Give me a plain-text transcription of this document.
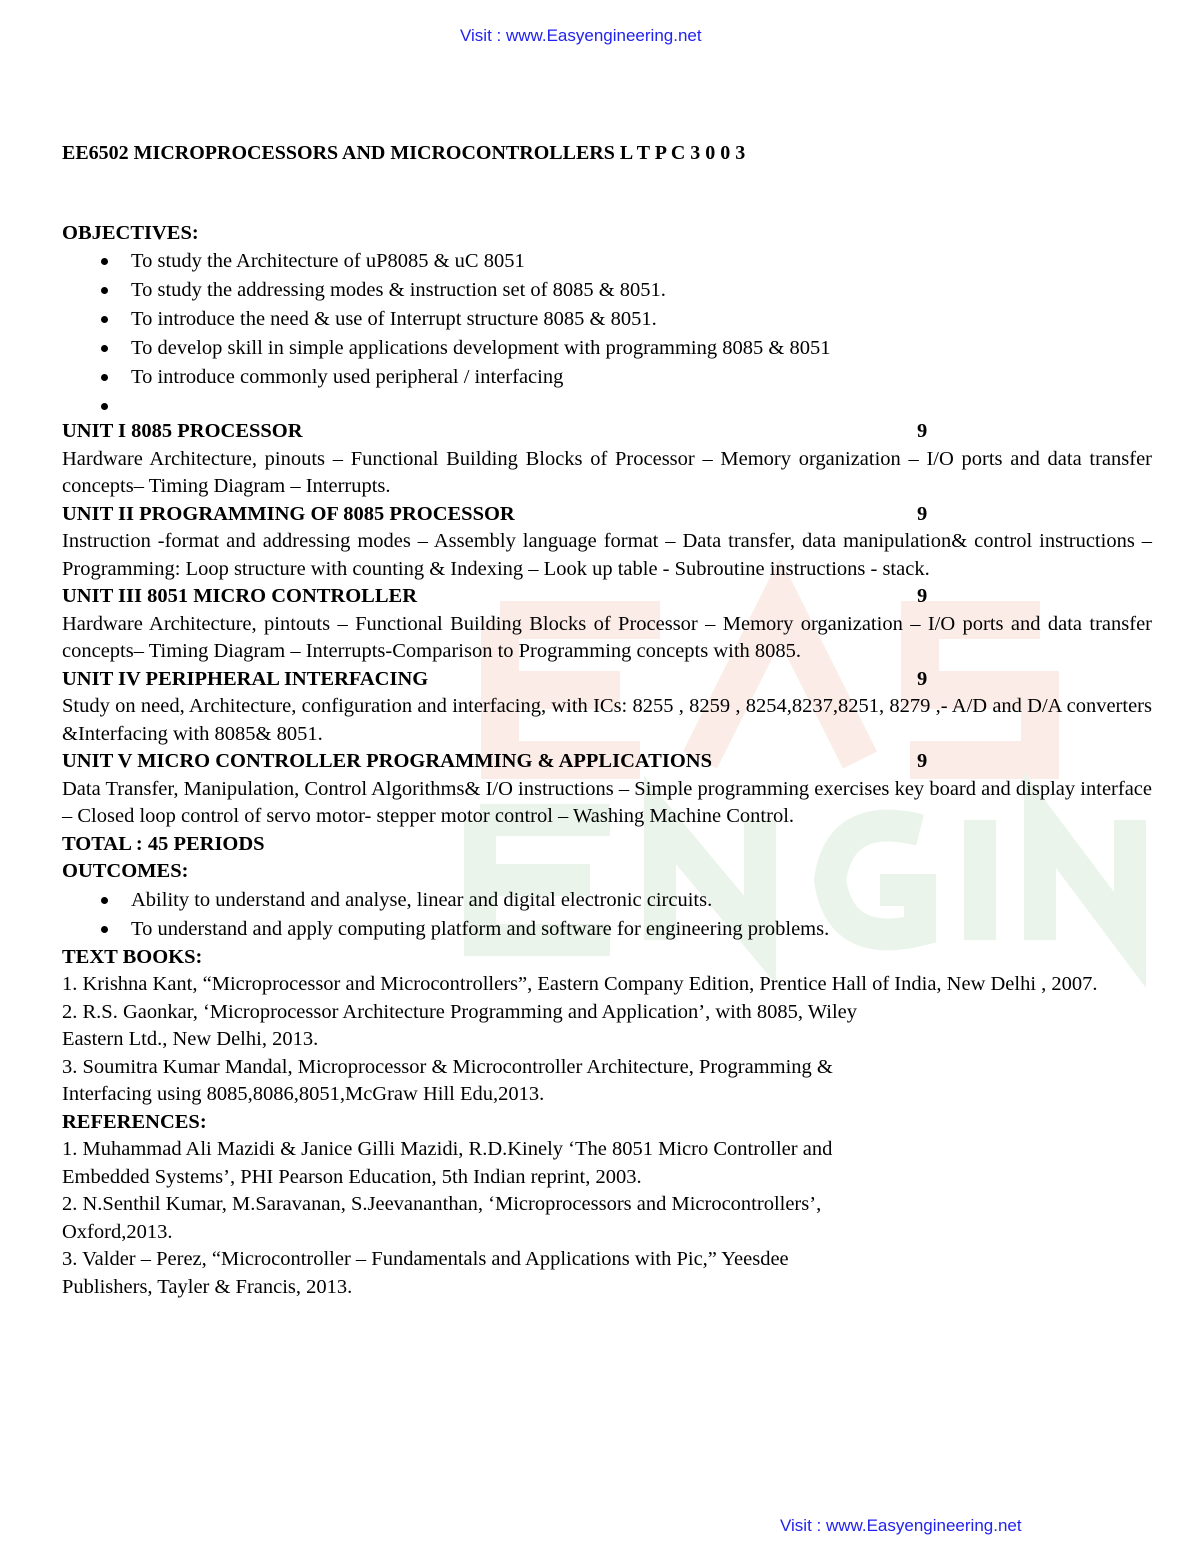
Visit : www.Easyengineering.net

EE6502 MICROPROCESSORS AND MICROCONTROLLERS L T P C 3 0 0 3

OBJECTIVES:

To study the Architecture of uP8085 & uC 8051
To study the addressing modes & instruction set of 8085 & 8051.
To introduce the need & use of Interrupt structure 8085 & 8051.
To develop skill in simple applications development with programming 8085 & 8051
To introduce commonly used peripheral / interfacing
UNIT I 8085 PROCESSOR	9

Hardware Architecture, pinouts – Functional Building Blocks of Processor – Memory organization – I/O ports and data transfer concepts– Timing Diagram – Interrupts.

UNIT II PROGRAMMING OF 8085 PROCESSOR	9

Instruction -format and addressing modes – Assembly language format – Data transfer, data manipulation& control instructions – Programming: Loop structure with counting & Indexing – Look up table - Subroutine instructions - stack.

UNIT III 8051 MICRO CONTROLLER	9

Hardware Architecture, pintouts – Functional Building Blocks of Processor – Memory organization – I/O ports and data transfer concepts– Timing Diagram – Interrupts-Comparison to Programming concepts with 8085.

UNIT IV PERIPHERAL INTERFACING	9

Study on need, Architecture, configuration and interfacing, with ICs: 8255 , 8259 , 8254,8237,8251, 8279 ,- A/D and D/A converters &Interfacing with 8085& 8051.

UNIT V MICRO CONTROLLER PROGRAMMING & APPLICATIONS	9

Data Transfer, Manipulation, Control Algorithms& I/O instructions – Simple programming exercises key board and display interface – Closed loop control of servo motor- stepper motor control – Washing Machine Control.

TOTAL : 45 PERIODS

OUTCOMES:

Ability to understand and analyse, linear and digital electronic circuits.
To understand and apply computing platform and software for engineering problems.

TEXT BOOKS:

1. Krishna Kant, “Microprocessor and Microcontrollers”, Eastern Company Edition, Prentice Hall of India, New Delhi , 2007.

2. R.S. Gaonkar, ‘Microprocessor Architecture Programming and Application’, with 8085, Wiley

Eastern Ltd., New Delhi, 2013.

3. Soumitra Kumar Mandal, Microprocessor & Microcontroller Architecture, Programming &

Interfacing using 8085,8086,8051,McGraw Hill Edu,2013.

REFERENCES:

1. Muhammad Ali Mazidi & Janice Gilli Mazidi, R.D.Kinely ‘The 8051 Micro Controller and

Embedded Systems’, PHI Pearson Education, 5th Indian reprint, 2003.

2. N.Senthil Kumar, M.Saravanan, S.Jeevananthan, ‘Microprocessors and Microcontrollers’,

Oxford,2013.

3. Valder – Perez, “Microcontroller – Fundamentals and Applications with Pic,” Yeesdee

Publishers, Tayler & Francis, 2013.

Visit : www.Easyengineering.net
